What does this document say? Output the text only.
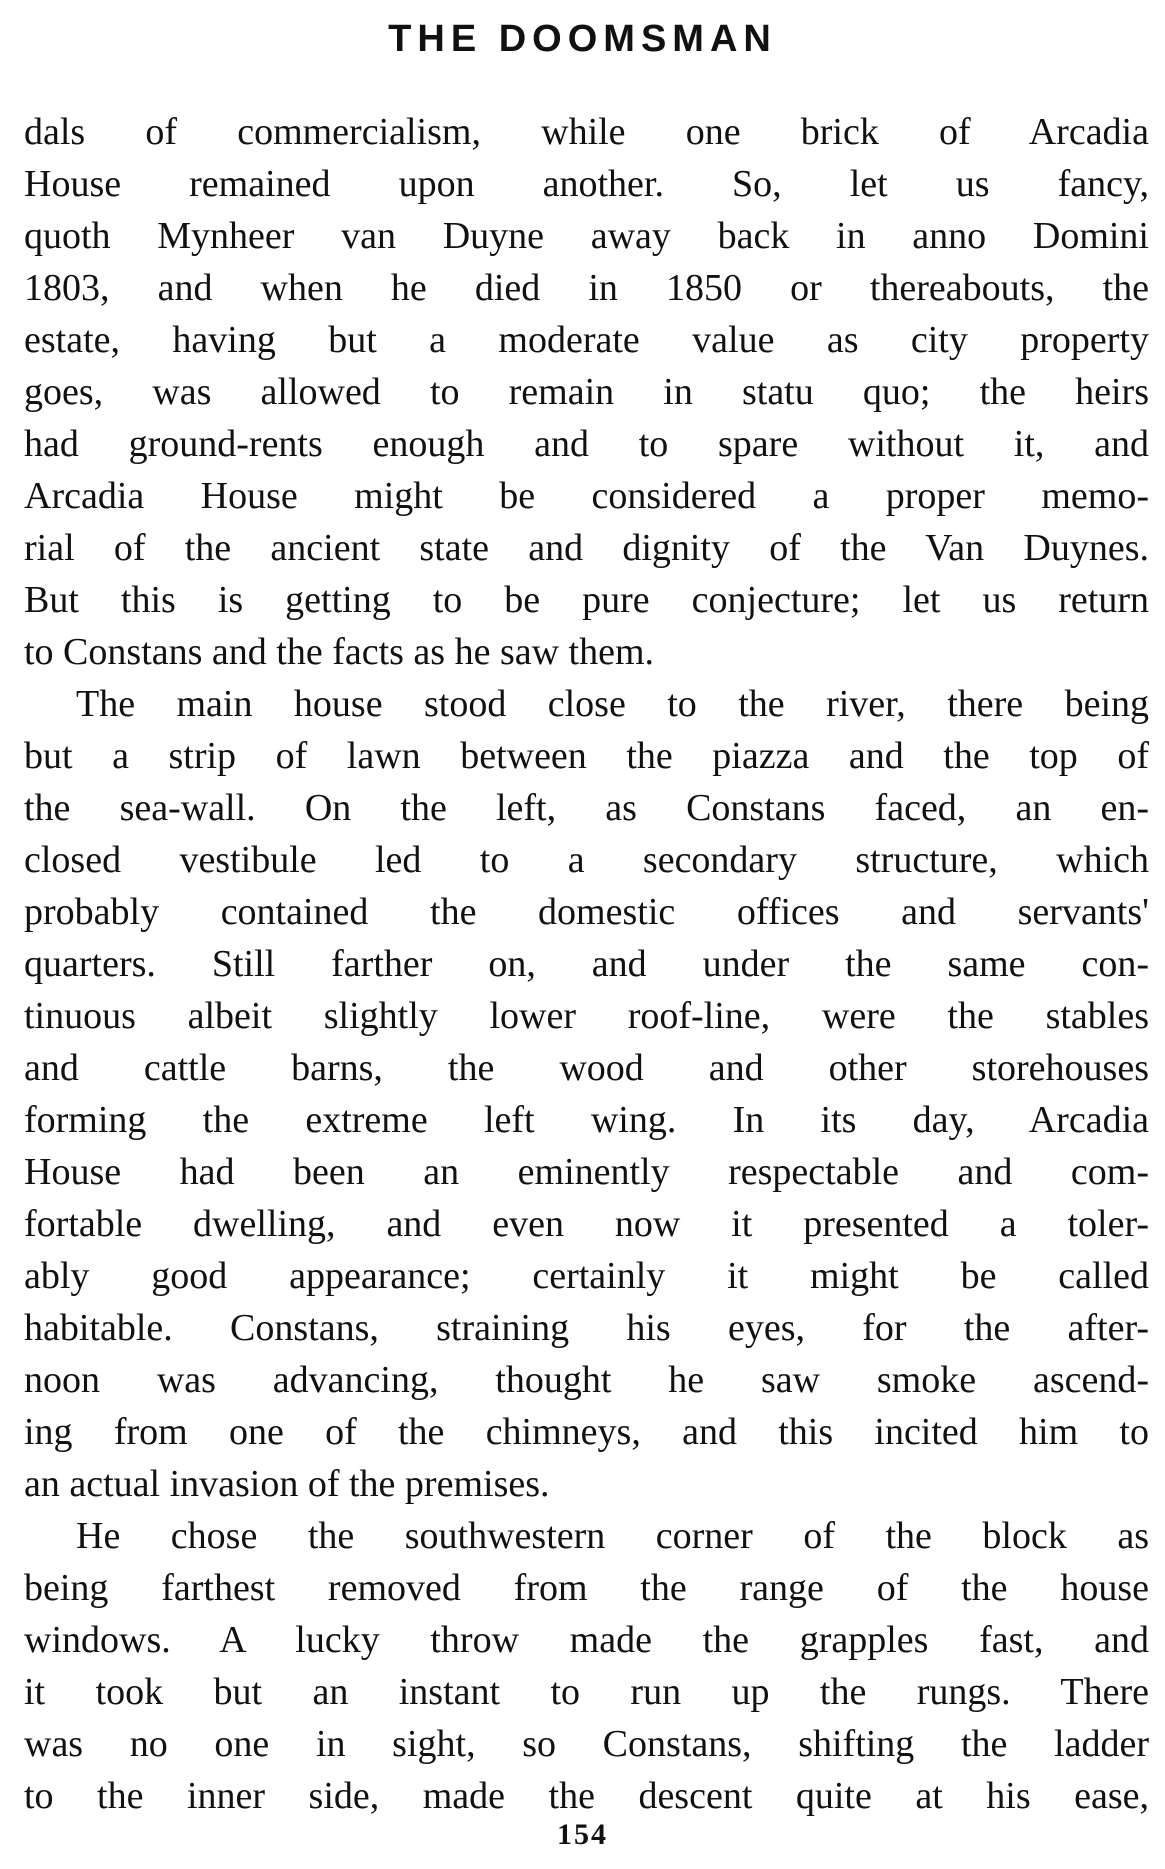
THE DOOMSMAN
dals of commercialism, while one brick of Arcadia
House remained upon another. So, let us fancy,
quoth Mynheer van Duyne away back in anno Domini
1803, and when he died in 1850 or thereabouts, the
estate, having but a moderate value as city property
goes, was allowed to remain in statu quo; the heirs
had ground-rents enough and to spare without it, and
Arcadia House might be considered a proper memo-
rial of the ancient state and dignity of the Van Duynes.
But this is getting to be pure conjecture; let us return
to Constans and the facts as he saw them.
The main house stood close to the river, there being
but a strip of lawn between the piazza and the top of
the sea-wall. On the left, as Constans faced, an en-
closed vestibule led to a secondary structure, which
probably contained the domestic offices and servants'
quarters. Still farther on, and under the same con-
tinuous albeit slightly lower roof-line, were the stables
and cattle barns, the wood and other storehouses
forming the extreme left wing. In its day, Arcadia
House had been an eminently respectable and com-
fortable dwelling, and even now it presented a toler-
ably good appearance; certainly it might be called
habitable. Constans, straining his eyes, for the after-
noon was advancing, thought he saw smoke ascend-
ing from one of the chimneys, and this incited him to
an actual invasion of the premises.
He chose the southwestern corner of the block as
being farthest removed from the range of the house
windows. A lucky throw made the grapples fast, and
it took but an instant to run up the rungs. There
was no one in sight, so Constans, shifting the ladder
to the inner side, made the descent quite at his ease,
154
